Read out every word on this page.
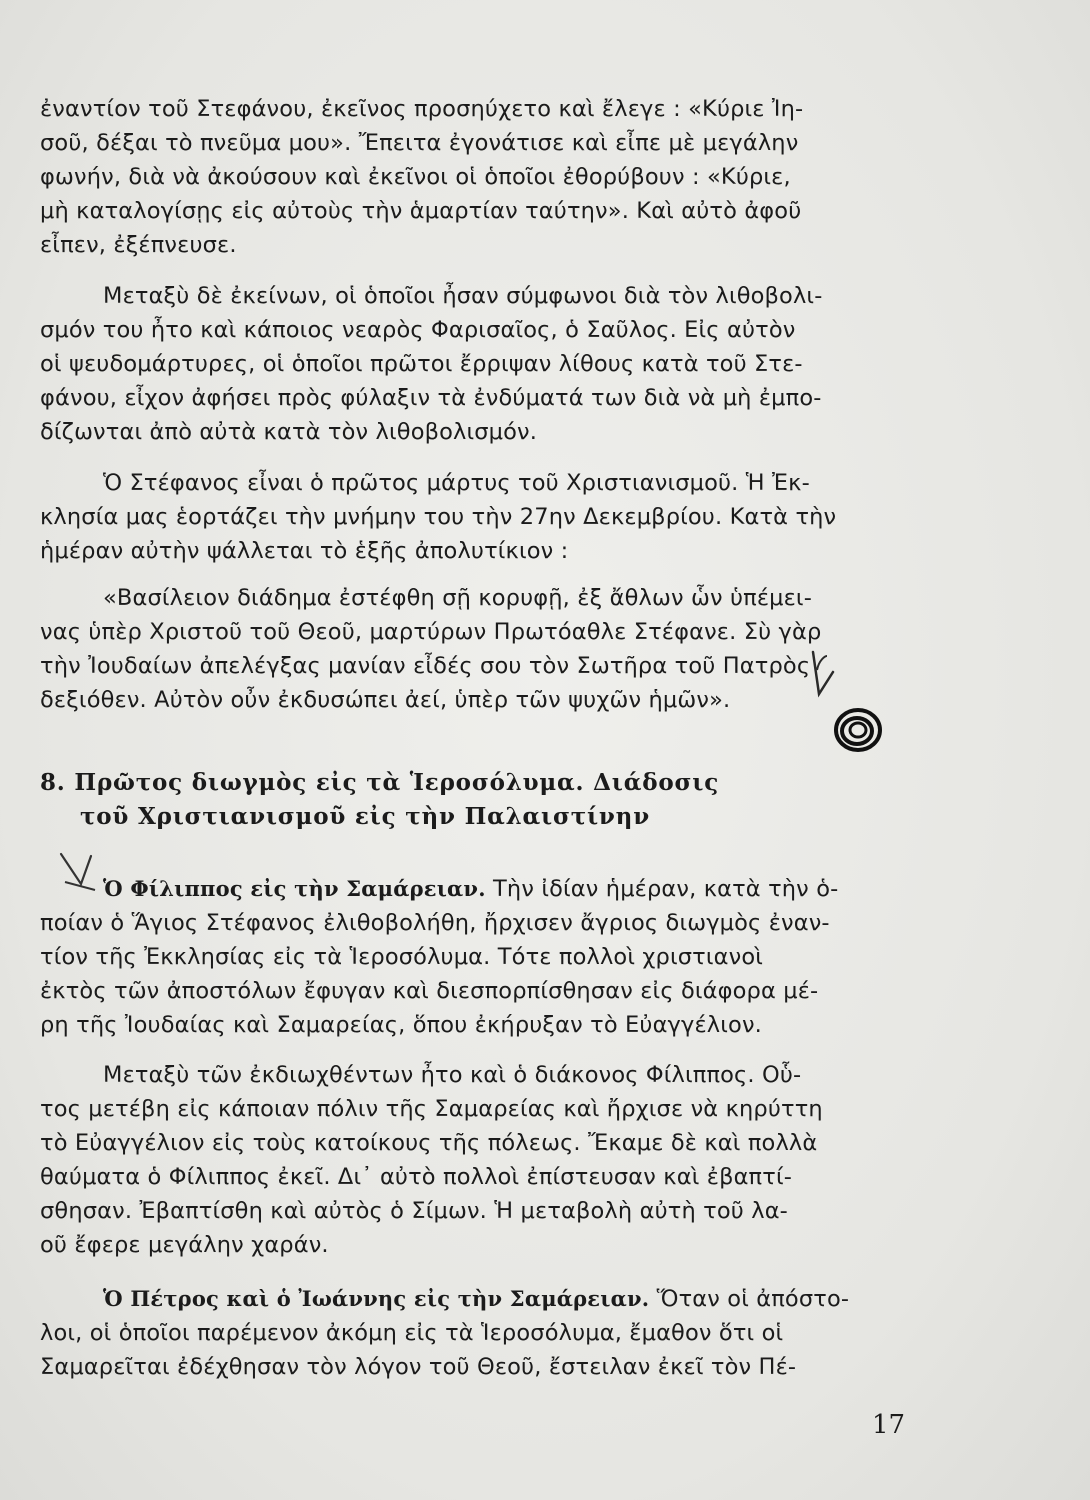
ἐναντίον τοῦ Στεφάνου, ἐκεῖνος προσηύχετο καὶ ἔλεγε : «Κύριε Ἰη-
σοῦ, δέξαι τὸ πνεῦμα μου». Ἔπειτα ἐγονάτισε καὶ εἶπε μὲ μεγάλην
φωνήν, διὰ νὰ ἀκούσουν καὶ ἐκεῖνοι οἱ ὁποῖοι ἐθορύβουν : «Κύριε,
μὴ καταλογίσῃς εἰς αὐτοὺς τὴν ἁμαρτίαν ταύτην». Καὶ αὐτὸ ἀφοῦ
εἶπεν, ἐξέπνευσε.
Μεταξὺ δὲ ἐκείνων, οἱ ὁποῖοι ἦσαν σύμφωνοι διὰ τὸν λιθοβολι-
σμόν του ἦτο καὶ κάποιος νεαρὸς Φαρισαῖος, ὁ Σαῦλος. Εἰς αὐτὸν
οἱ ψευδομάρτυρες, οἱ ὁποῖοι πρῶτοι ἔρριψαν λίθους κατὰ τοῦ Στε-
φάνου, εἶχον ἀφήσει πρὸς φύλαξιν τὰ ἐνδύματά των διὰ νὰ μὴ ἐμπο-
δίζωνται ἀπὸ αὐτὰ κατὰ τὸν λιθοβολισμόν.
Ὁ Στέφανος εἶναι ὁ πρῶτος μάρτυς τοῦ Χριστιανισμοῦ. Ἡ Ἐκ-
κλησία μας ἑορτάζει τὴν μνήμην του τὴν 27ην Δεκεμβρίου. Κατὰ τὴν
ἡμέραν αὐτὴν ψάλλεται τὸ ἑξῆς ἀπολυτίκιον :
«Βασίλειον διάδημα ἐστέφθη σῇ κορυφῇ, ἐξ ἄθλων ὧν ὑπέμει-
νας ὑπὲρ Χριστοῦ τοῦ Θεοῦ, μαρτύρων Πρωτόαθλε Στέφανε. Σὺ γὰρ
τὴν Ἰουδαίων ἀπελέγξας μανίαν εἶδές σου τὸν Σωτῆρα τοῦ Πατρὸς
δεξιόθεν. Αὐτὸν οὖν ἐκδυσώπει ἀεί, ὑπὲρ τῶν ψυχῶν ἡμῶν».
8. Πρῶτος διωγμὸς εἰς τὰ Ἱεροσόλυμα. Διάδοσις
τοῦ Χριστιανισμοῦ εἰς τὴν Παλαιστίνην
Ὁ Φίλιππος εἰς τὴν Σαμάρειαν. Τὴν ἰδίαν ἡμέραν, κατὰ τὴν ὁ-
ποίαν ὁ Ἅγιος Στέφανος ἐλιθοβολήθη, ἤρχισεν ἄγριος διωγμὸς ἐναν-
τίον τῆς Ἐκκλησίας εἰς τὰ Ἱεροσόλυμα. Τότε πολλοὶ χριστιανοὶ
ἐκτὸς τῶν ἀποστόλων ἔφυγαν καὶ διεσπορπίσθησαν εἰς διάφορα μέ-
ρη τῆς Ἰουδαίας καὶ Σαμαρείας, ὅπου ἐκήρυξαν τὸ Εὐαγγέλιον.
Μεταξὺ τῶν ἐκδιωχθέντων ἦτο καὶ ὁ διάκονος Φίλιππος. Οὗ-
τος μετέβη εἰς κάποιαν πόλιν τῆς Σαμαρείας καὶ ἤρχισε νὰ κηρύττη
τὸ Εὐαγγέλιον εἰς τοὺς κατοίκους τῆς πόλεως. Ἔκαμε δὲ καὶ πολλὰ
θαύματα ὁ Φίλιππος ἐκεῖ. Δι᾽ αὐτὸ πολλοὶ ἐπίστευσαν καὶ ἐβαπτί-
σθησαν. Ἐβαπτίσθη καὶ αὐτὸς ὁ Σίμων. Ἡ μεταβολὴ αὐτὴ τοῦ λα-
οῦ ἔφερε μεγάλην χαράν.
Ὁ Πέτρος καὶ ὁ Ἰωάννης εἰς τὴν Σαμάρειαν. Ὅταν οἱ ἀπόστο-
λοι, οἱ ὁποῖοι παρέμενον ἀκόμη εἰς τὰ Ἱεροσόλυμα, ἔμαθον ὅτι οἱ
Σαμαρεῖται ἐδέχθησαν τὸν λόγον τοῦ Θεοῦ, ἔστειλαν ἐκεῖ τὸν Πέ-
17
